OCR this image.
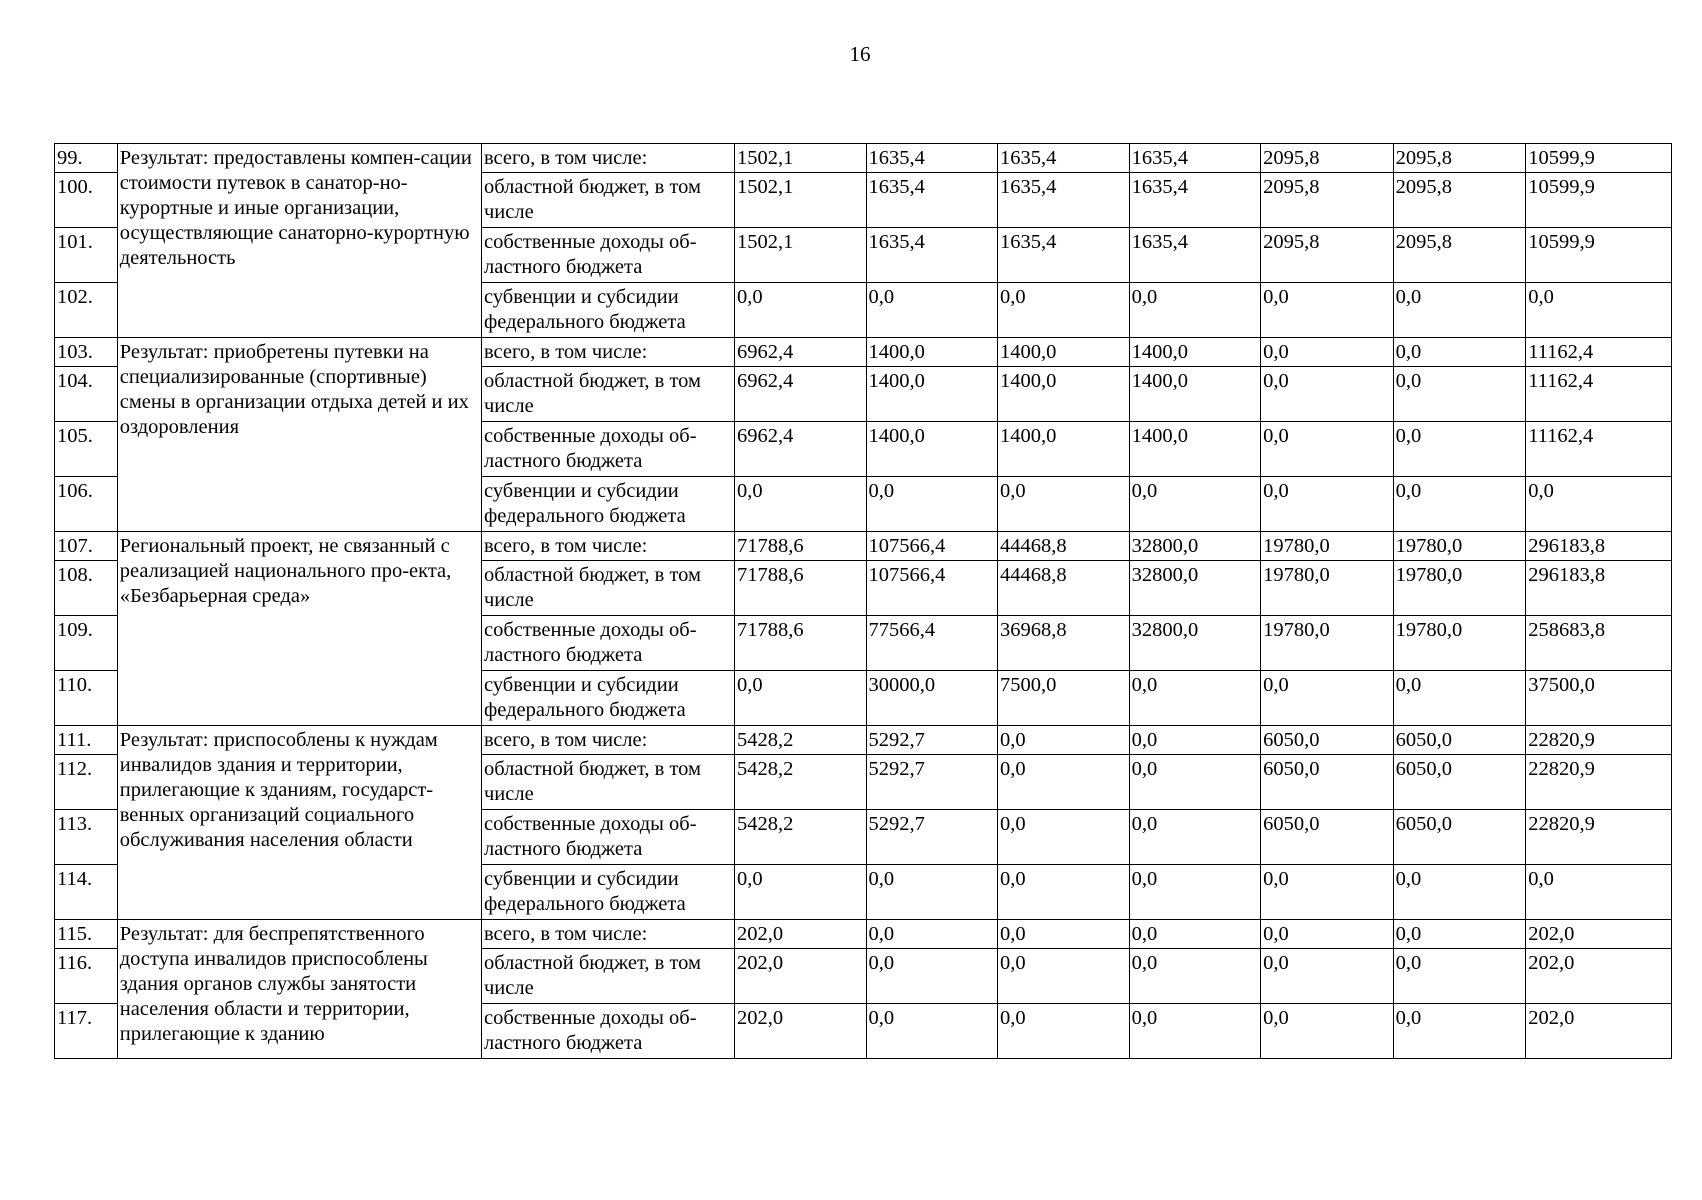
16
99.	Результат: предоставлены компен-сации стоимости путевок в санатор-но-курортные и иные организации, осуществляющие санаторно-курортную деятельность	всего, в том числе:	1502,1	1635,4	1635,4	1635,4	2095,8	2095,8	10599,9
100.		областной бюджет, в том числе	1502,1	1635,4	1635,4	1635,4	2095,8	2095,8	10599,9
101.		собственные доходы об-ластного бюджета	1502,1	1635,4	1635,4	1635,4	2095,8	2095,8	10599,9
102.		субвенции и субсидии федерального бюджета	0,0	0,0	0,0	0,0	0,0	0,0	0,0
103.	Результат: приобретены путевки на специализированные (спортивные) смены в организации отдыха детей и их оздоровления	всего, в том числе:	6962,4	1400,0	1400,0	1400,0	0,0	0,0	11162,4
104.		областной бюджет, в том числе	6962,4	1400,0	1400,0	1400,0	0,0	0,0	11162,4
105.		собственные доходы об-ластного бюджета	6962,4	1400,0	1400,0	1400,0	0,0	0,0	11162,4
106.		субвенции и субсидии федерального бюджета	0,0	0,0	0,0	0,0	0,0	0,0	0,0
107.	Региональный проект, не связанный с реализацией национального про-екта, «Безбарьерная среда»	всего, в том числе:	71788,6	107566,4	44468,8	32800,0	19780,0	19780,0	296183,8
108.		областной бюджет, в том числе	71788,6	107566,4	44468,8	32800,0	19780,0	19780,0	296183,8
109.		собственные доходы об-ластного бюджета	71788,6	77566,4	36968,8	32800,0	19780,0	19780,0	258683,8
110.		субвенции и субсидии федерального бюджета	0,0	30000,0	7500,0	0,0	0,0	0,0	37500,0
111.	Результат: приспособлены к нуждам инвалидов здания и территории, прилегающие к зданиям, государст-венных организаций социального обслуживания населения области	всего, в том числе:	5428,2	5292,7	0,0	0,0	6050,0	6050,0	22820,9
112.		областной бюджет, в том числе	5428,2	5292,7	0,0	0,0	6050,0	6050,0	22820,9
113.		собственные доходы об-ластного бюджета	5428,2	5292,7	0,0	0,0	6050,0	6050,0	22820,9
114.		субвенции и субсидии федерального бюджета	0,0	0,0	0,0	0,0	0,0	0,0	0,0
115.	Результат: для беспрепятственного доступа инвалидов приспособлены здания органов службы занятости населения области и территории, прилегающие к зданию	всего, в том числе:	202,0	0,0	0,0	0,0	0,0	0,0	202,0
116.		областной бюджет, в том числе	202,0	0,0	0,0	0,0	0,0	0,0	202,0
117.		собственные доходы об-ластного бюджета	202,0	0,0	0,0	0,0	0,0	0,0	202,0
